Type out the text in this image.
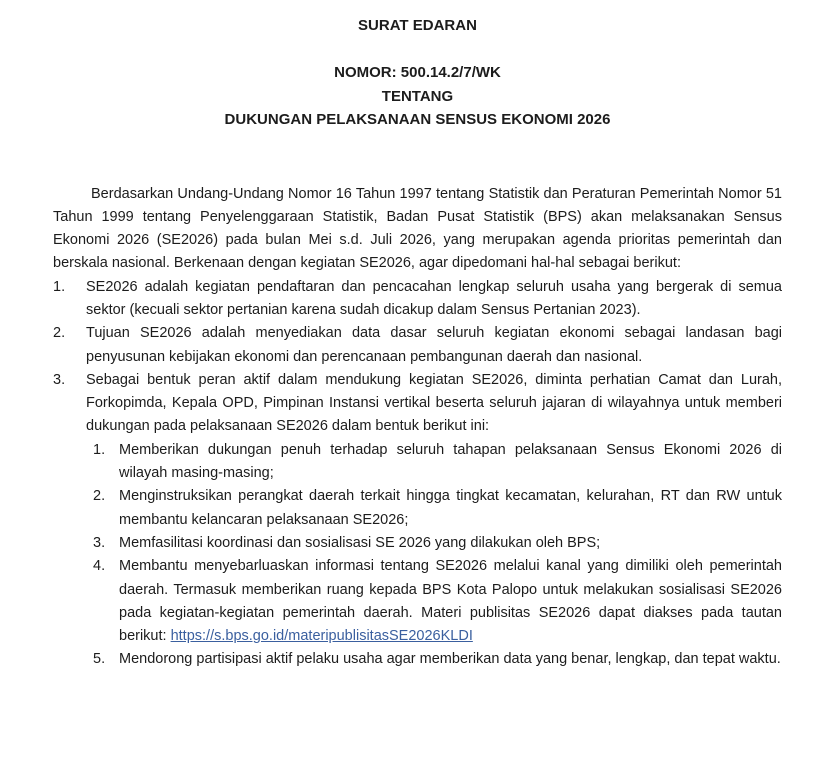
SURAT EDARAN
NOMOR: 500.14.2/7/WK
TENTANG
DUKUNGAN PELAKSANAAN SENSUS EKONOMI 2026

Berdasarkan Undang-Undang Nomor 16 Tahun 1997 tentang Statistik dan Peraturan Pemerintah Nomor 51 Tahun 1999 tentang Penyelenggaraan Statistik, Badan Pusat Statistik (BPS) akan melaksanakan Sensus Ekonomi 2026 (SE2026) pada bulan Mei s.d. Juli 2026, yang merupakan agenda prioritas pemerintah dan berskala nasional. Berkenaan dengan kegiatan SE2026, agar dipedomani hal-hal sebagai berikut:

1.	SE2026 adalah kegiatan pendaftaran dan pencacahan lengkap seluruh usaha yang bergerak di semua sektor (kecuali sektor pertanian karena sudah dicakup dalam Sensus Pertanian 2023).
2.	Tujuan SE2026 adalah menyediakan data dasar seluruh kegiatan ekonomi sebagai landasan bagi penyusunan kebijakan ekonomi dan perencanaan pembangunan daerah dan nasional.
3.	Sebagai bentuk peran aktif dalam mendukung kegiatan SE2026, diminta perhatian Camat dan Lurah, Forkopimda, Kepala OPD, Pimpinan Instansi vertikal beserta seluruh jajaran di wilayahnya untuk memberi dukungan pada pelaksanaan SE2026 dalam bentuk berikut ini:
1. Memberikan dukungan penuh terhadap seluruh tahapan pelaksanaan Sensus Ekonomi 2026 di wilayah masing-masing;
2. Menginstruksikan perangkat daerah terkait hingga tingkat kecamatan, kelurahan, RT dan RW untuk membantu kelancaran pelaksanaan SE2026;
3. Memfasilitasi koordinasi dan sosialisasi SE 2026 yang dilakukan oleh BPS;
4. Membantu menyebarluaskan informasi tentang SE2026 melalui kanal yang dimiliki oleh pemerintah daerah. Termasuk memberikan ruang kepada BPS Kota Palopo untuk melakukan sosialisasi SE2026 pada kegiatan-kegiatan pemerintah daerah. Materi publisitas SE2026 dapat diakses pada tautan berikut: https://s.bps.go.id/materipublisitasSE2026KLDI
5. Mendorong partisipasi aktif pelaku usaha agar memberikan data yang benar, lengkap, dan tepat waktu.
